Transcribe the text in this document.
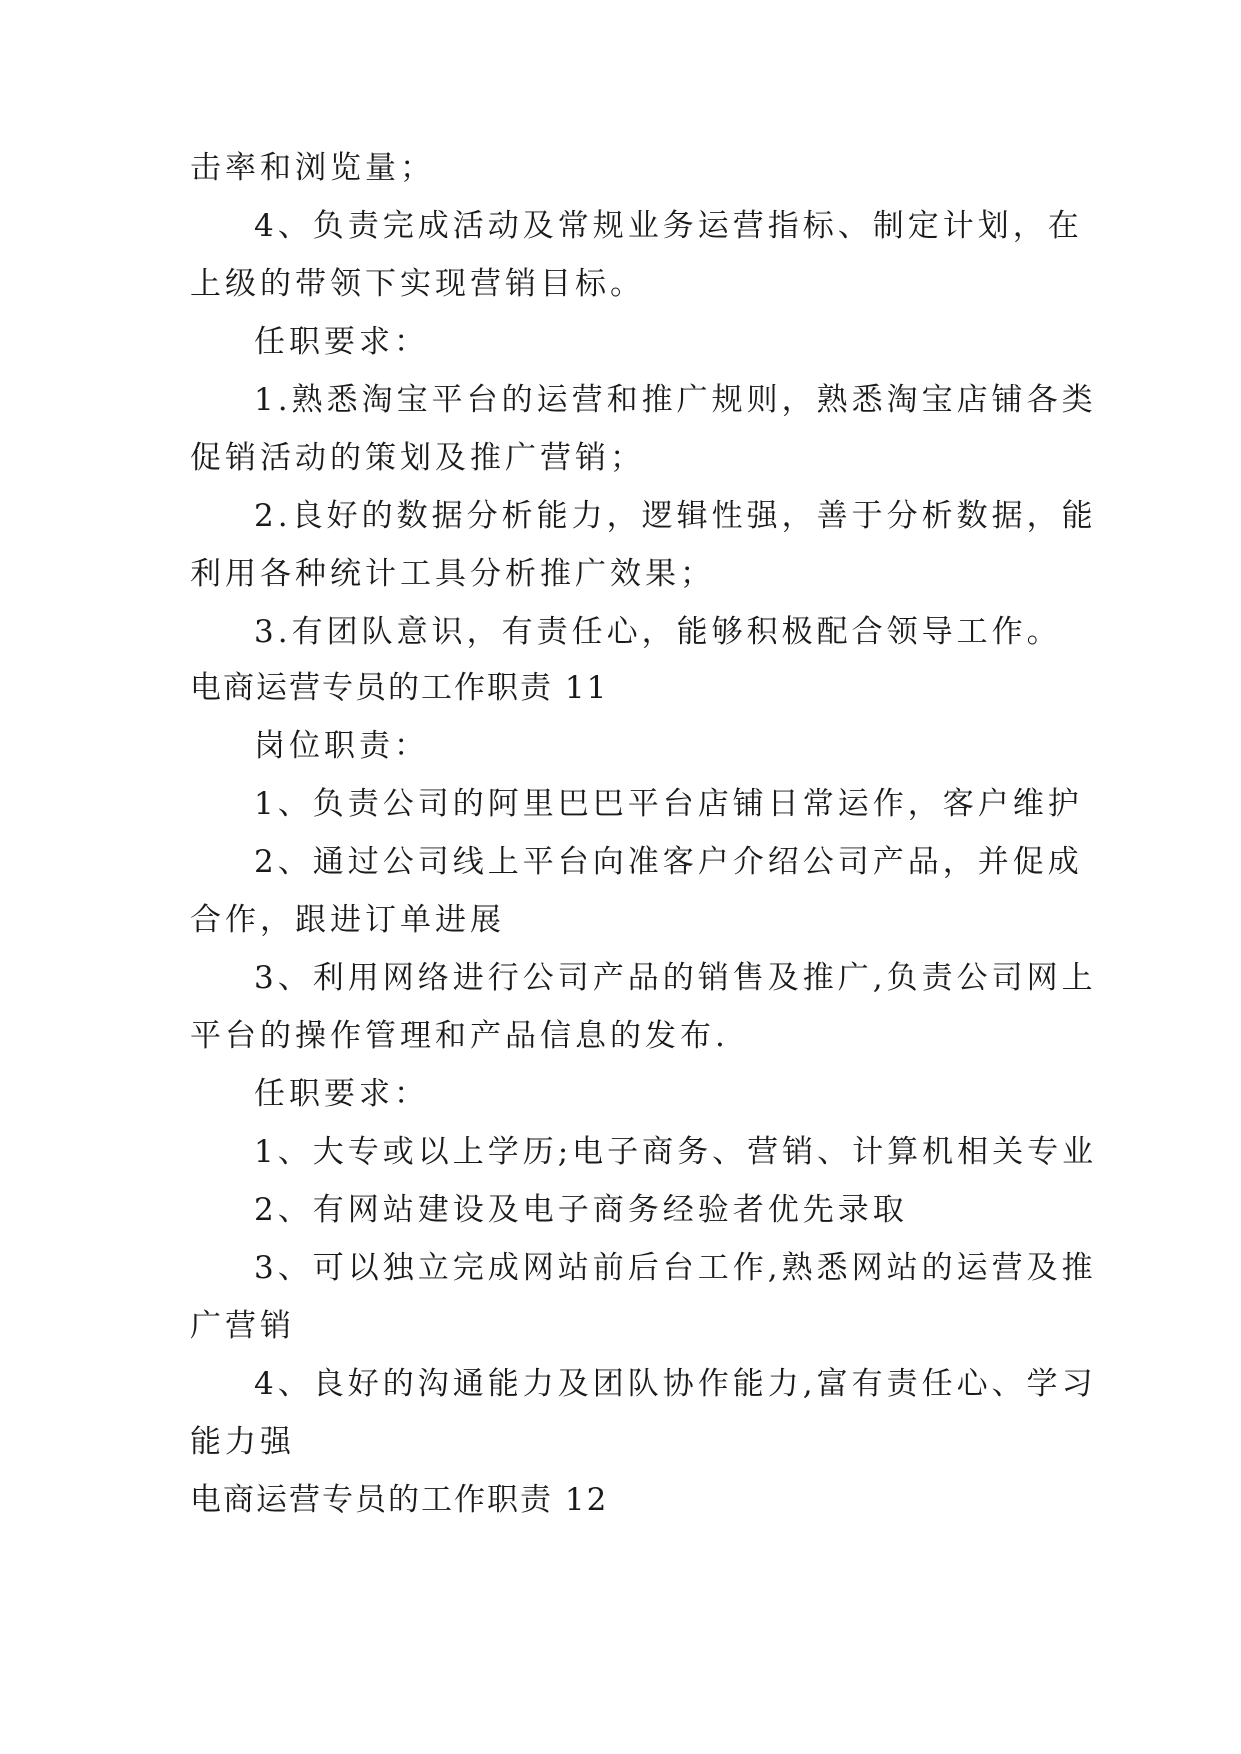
击率和浏览量；
4、负责完成活动及常规业务运营指标、制定计划，在
上级的带领下实现营销目标。
任职要求：
1.熟悉淘宝平台的运营和推广规则，熟悉淘宝店铺各类
促销活动的策划及推广营销；
2.良好的数据分析能力，逻辑性强，善于分析数据，能
利用各种统计工具分析推广效果；
3.有团队意识，有责任心，能够积极配合领导工作。
电商运营专员的工作职责 11
岗位职责：
1、负责公司的阿里巴巴平台店铺日常运作，客户维护
2、通过公司线上平台向准客户介绍公司产品，并促成
合作，跟进订单进展
3、利用网络进行公司产品的销售及推广,负责公司网上
平台的操作管理和产品信息的发布.
任职要求：
1、大专或以上学历;电子商务、营销、计算机相关专业
2、有网站建设及电子商务经验者优先录取
3、可以独立完成网站前后台工作,熟悉网站的运营及推
广营销
4、良好的沟通能力及团队协作能力,富有责任心、学习
能力强
电商运营专员的工作职责 12
